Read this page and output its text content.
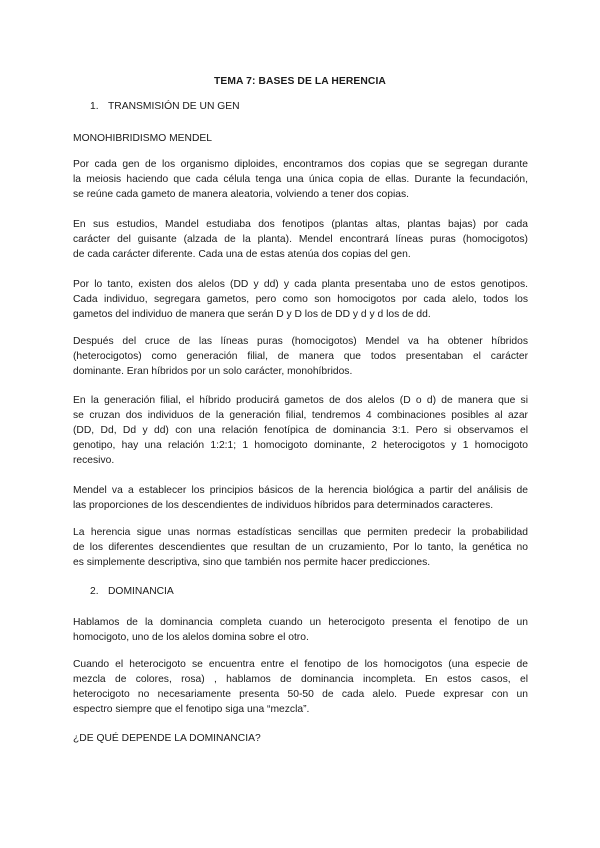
TEMA 7: BASES DE LA HERENCIA
1. TRANSMISIÓN DE UN GEN
MONOHIBRIDISMO MENDEL
Por cada gen de los organismo diploides, encontramos dos copias que se segregan durante
la meiosis haciendo que cada célula tenga una única copia de ellas. Durante la fecundación,
se reúne cada gameto de manera aleatoria, volviendo a tener dos copias.
En sus estudios, Mandel estudiaba dos fenotipos (plantas altas, plantas bajas) por cada
carácter del guisante (alzada de la planta). Mendel encontrará líneas puras (homocigotos)
de cada carácter diferente. Cada una de estas atenúa dos copias del gen.
Por lo tanto, existen dos alelos (DD y dd) y cada planta presentaba uno de estos genotipos.
Cada individuo, segregara gametos, pero como son homocigotos por cada alelo, todos los
gametos del individuo de manera que serán D y D los de DD y d y d los de dd.
Después del cruce de las líneas puras (homocigotos) Mendel va ha obtener híbridos
(heterocigotos) como generación filial, de manera que todos presentaban el carácter
dominante. Eran híbridos por un solo carácter, monohíbridos.
En la generación filial, el híbrido producirá gametos de dos alelos (D o d) de manera que si
se cruzan dos individuos de la generación filial, tendremos 4 combinaciones posibles al azar
(DD, Dd, Dd y dd) con una relación fenotípica de dominancia 3:1. Pero si observamos el
genotipo, hay una relación 1:2:1; 1 homocigoto dominante, 2 heterocigotos y 1 homocigoto
recesivo.
Mendel va a establecer los principios básicos de la herencia biológica a partir del análisis de
las proporciones de los descendientes de individuos híbridos para determinados caracteres.
La herencia sigue unas normas estadísticas sencillas que permiten predecir la probabilidad
de los diferentes descendientes que resultan de un cruzamiento, Por lo tanto, la genética no
es simplemente descriptiva, sino que también nos permite hacer predicciones.
2. DOMINANCIA
Hablamos de la dominancia completa cuando un heterocigoto presenta el fenotipo de un
homocigoto, uno de los alelos domina sobre el otro.
Cuando el heterocigoto se encuentra entre el fenotipo de los homocigotos (una especie de
mezcla de colores, rosa) , hablamos de dominancia incompleta. En estos casos, el
heterocigoto no necesariamente presenta 50-50 de cada alelo. Puede expresar con un
espectro siempre que el fenotipo siga una “mezcla”.
¿DE QUÉ DEPENDE LA DOMINANCIA?
